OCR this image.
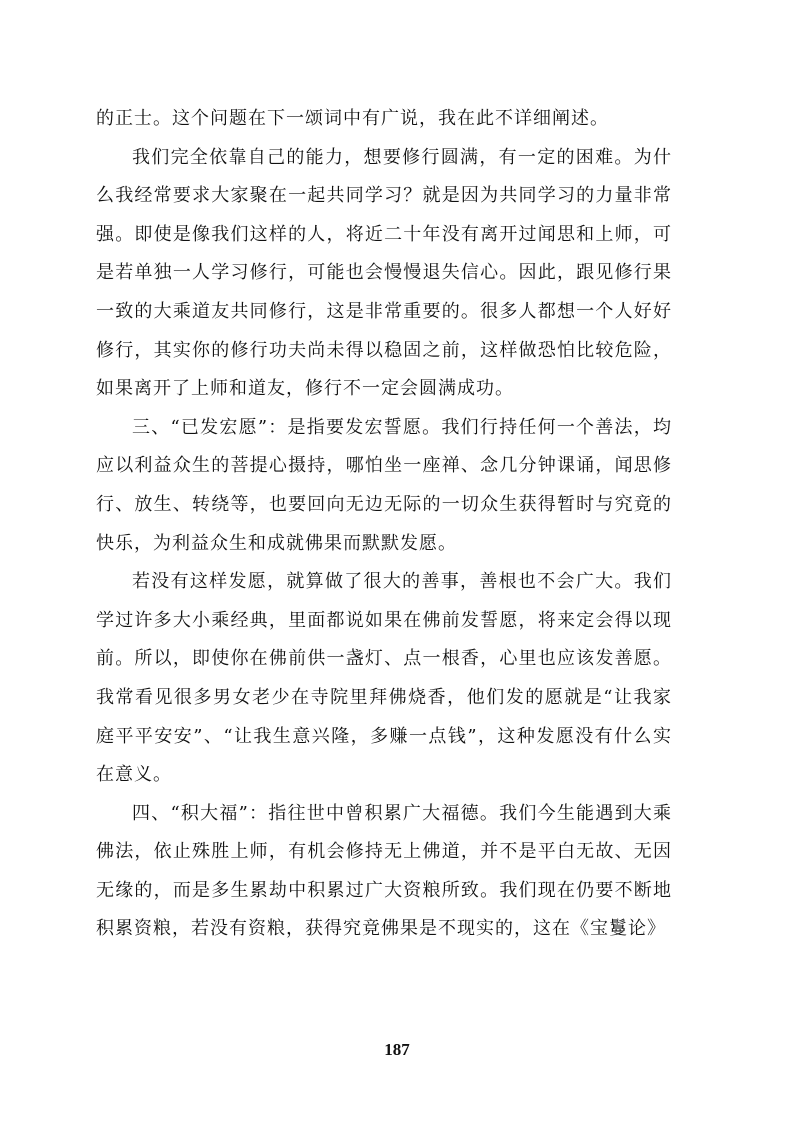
的正士。这个问题在下一颂词中有广说，我在此不详细阐述。

我们完全依靠自己的能力，想要修行圆满，有一定的困难。为什么我经常要求大家聚在一起共同学习？就是因为共同学习的力量非常强。即使是像我们这样的人，将近二十年没有离开过闻思和上师，可是若单独一人学习修行，可能也会慢慢退失信心。因此，跟见修行果一致的大乘道友共同修行，这是非常重要的。很多人都想一个人好好修行，其实你的修行功夫尚未得以稳固之前，这样做恐怕比较危险，如果离开了上师和道友，修行不一定会圆满成功。

三、“已发宏愿”：是指要发宏誓愿。我们行持任何一个善法，均应以利益众生的菩提心摄持，哪怕坐一座禅、念几分钟课诵，闻思修行、放生、转绕等，也要回向无边无际的一切众生获得暂时与究竟的快乐，为利益众生和成就佛果而默默发愿。

若没有这样发愿，就算做了很大的善事，善根也不会广大。我们学过许多大小乘经典，里面都说如果在佛前发誓愿，将来定会得以现前。所以，即使你在佛前供一盏灯、点一根香，心里也应该发善愿。我常看见很多男女老少在寺院里拜佛烧香，他们发的愿就是“让我家庭平平安安”、“让我生意兴隆，多赚一点钱”，这种发愿没有什么实在意义。

四、“积大福”：指往世中曾积累广大福德。我们今生能遇到大乘佛法，依止殊胜上师，有机会修持无上佛道，并不是平白无故、无因无缘的，而是多生累劫中积累过广大资粮所致。我们现在仍要不断地积累资粮，若没有资粮，获得究竟佛果是不现实的，这在《宝鬘论》

187
